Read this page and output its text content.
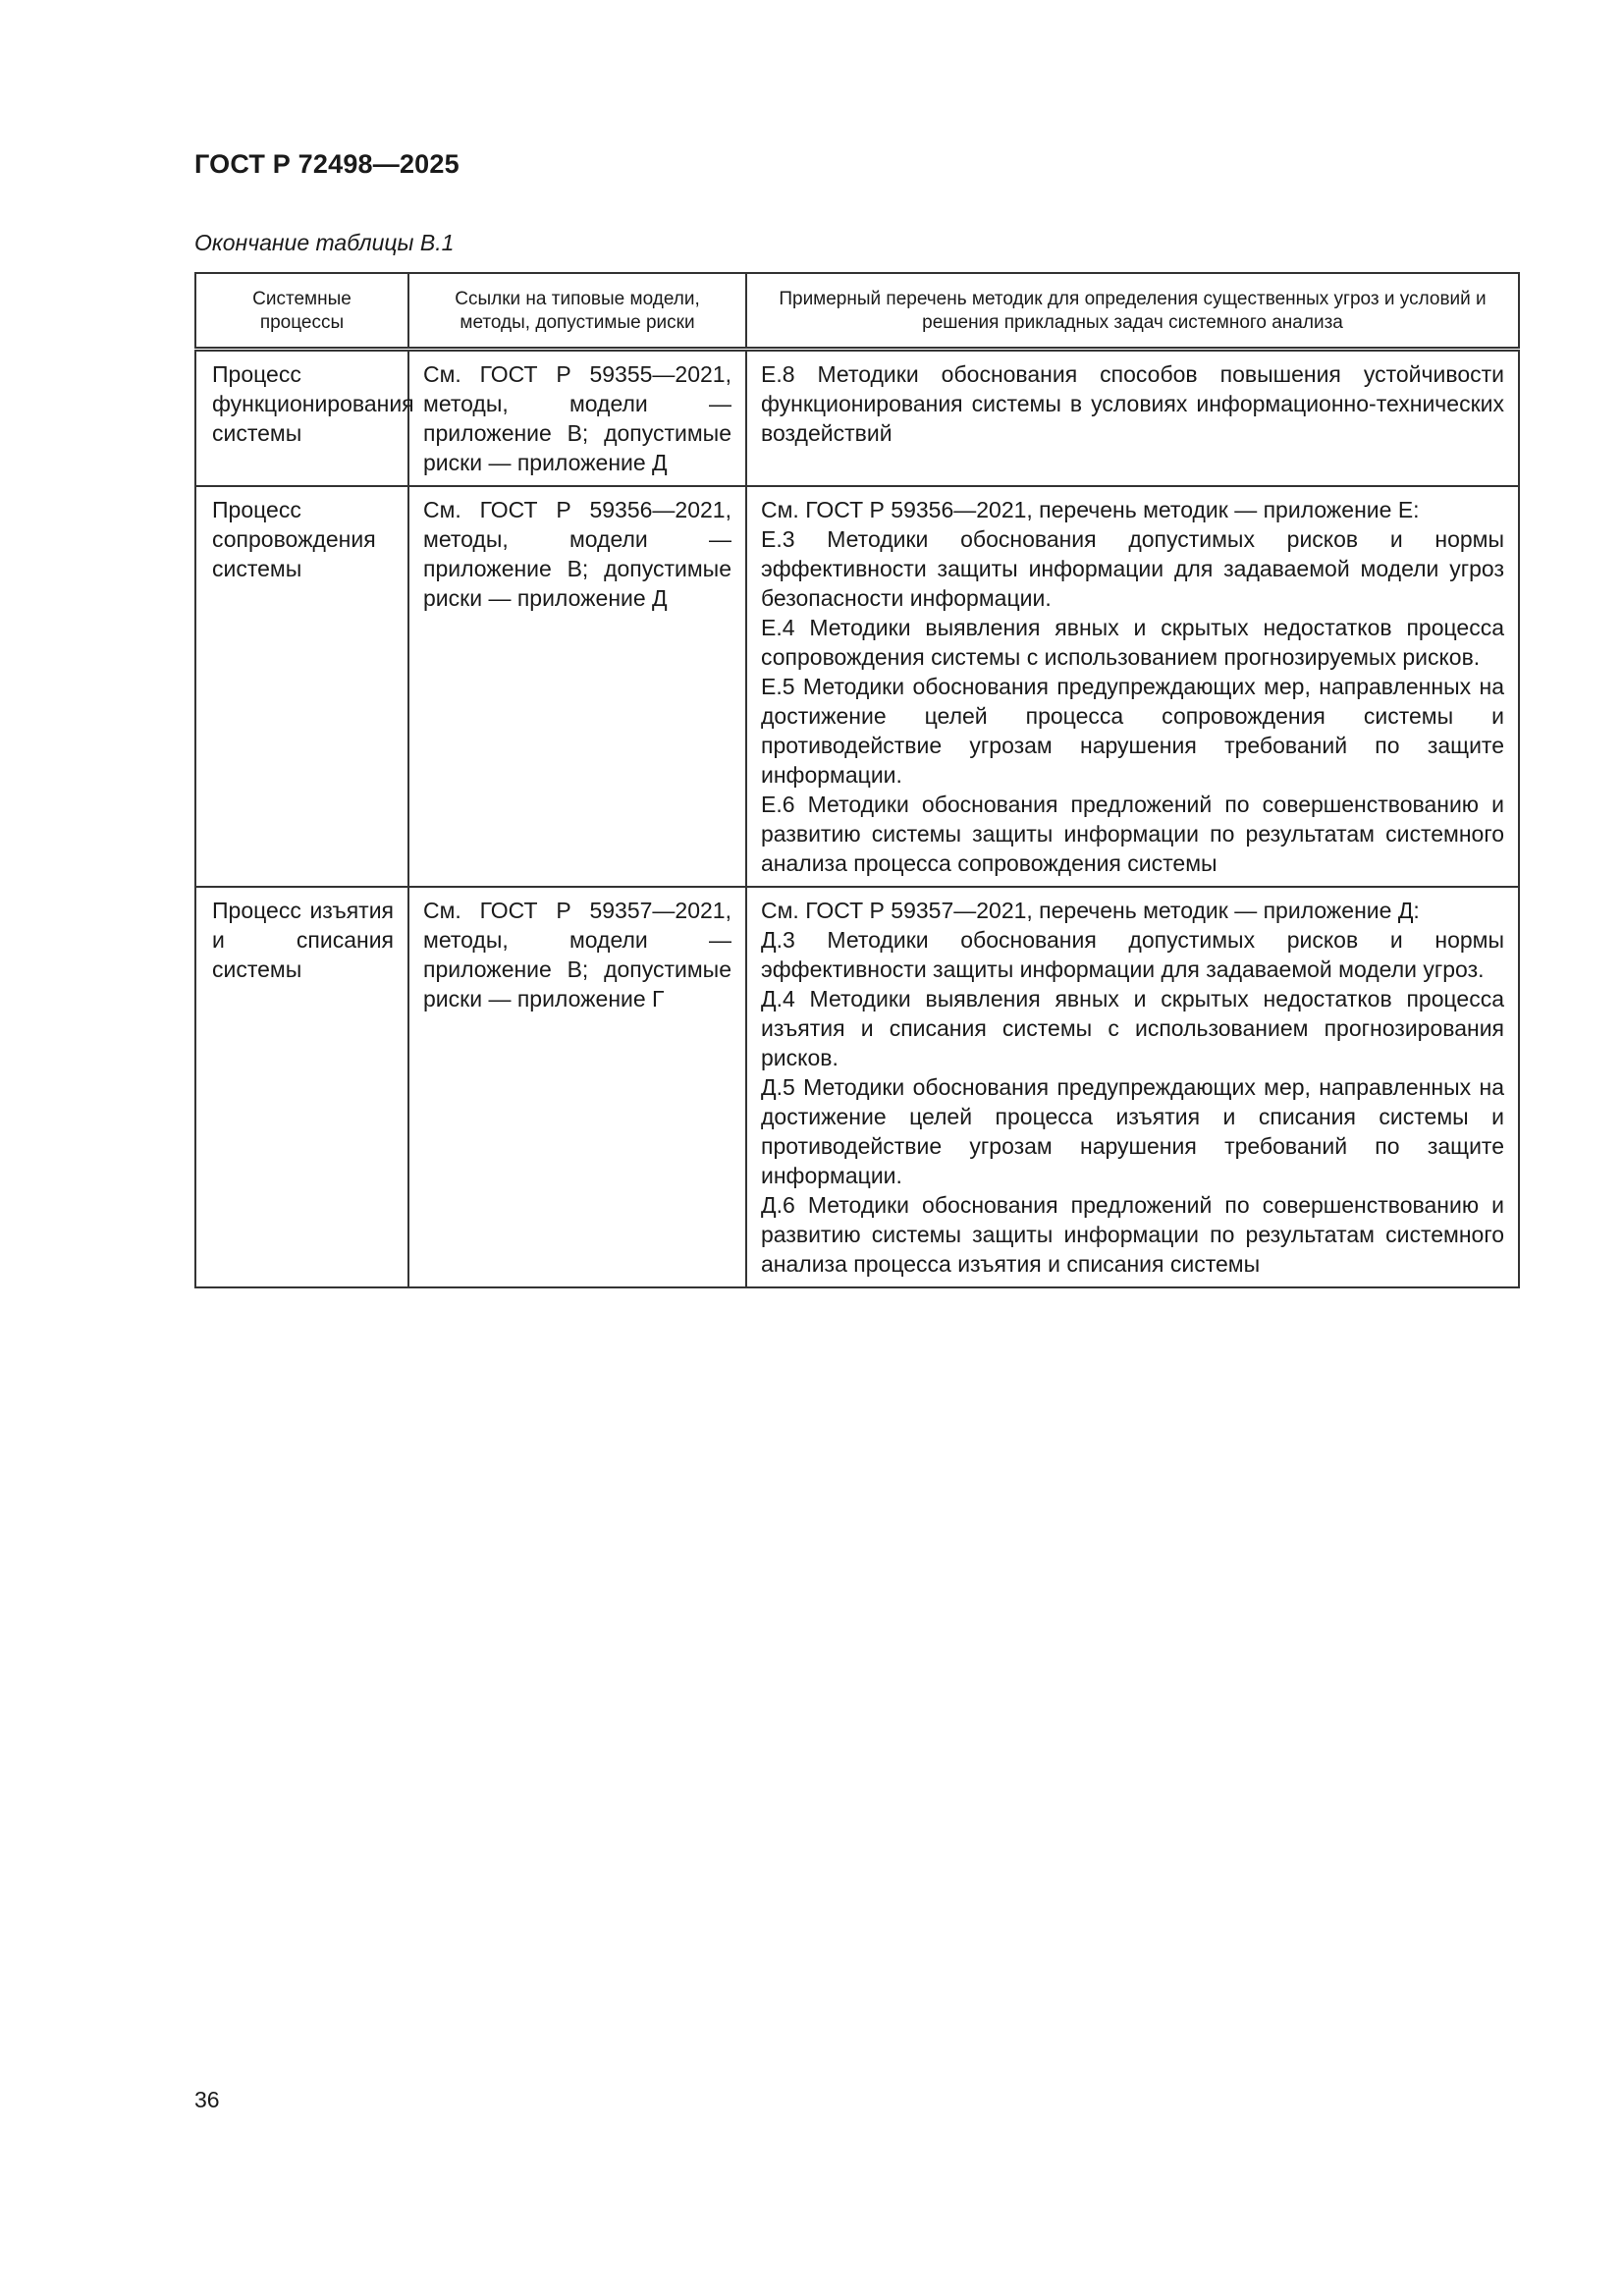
ГОСТ Р 72498—2025
Окончание таблицы В.1
Системные процессы	Ссылки на типовые модели, методы, допустимые риски	Примерный перечень методик для определения существенных угроз и условий и решения прикладных задач системного анализа
Процесс функционирования системы	См. ГОСТ Р 59355—2021, методы, модели — приложение В; допустимые риски — приложение Д	Е.8 Методики обоснования способов повышения устойчивости функционирования системы в условиях информационно-технических воздействий

Процесс сопровождения системы	См. ГОСТ Р 59356—2021, методы, модели — приложение В; допустимые риски — приложение Д	См. ГОСТ Р 59356—2021, перечень методик — приложение Е:

Е.3 Методики обоснования допустимых рисков и нормы эффективности защиты информации для задаваемой модели угроз безопасности информации.

Е.4 Методики выявления явных и скрытых недостатков процесса сопровождения системы с использованием прогнозируемых рисков.

Е.5 Методики обоснования предупреждающих мер, направленных на достижение целей процесса сопровождения системы и противодействие угрозам нарушения требований по защите информации.

Е.6 Методики обоснования предложений по совершенствованию и развитию системы защиты информации по результатам системного анализа процесса сопровождения системы

Процесс изъятия и списания системы	См. ГОСТ Р 59357—2021, методы, модели — приложение В; допустимые риски — приложение Г	См. ГОСТ Р 59357—2021, перечень методик — приложение Д:

Д.3 Методики обоснования допустимых рисков и нормы эффективности защиты информации для задаваемой модели угроз.

Д.4 Методики выявления явных и скрытых недостатков процесса изъятия и списания системы с использованием прогнозирования рисков.

Д.5 Методики обоснования предупреждающих мер, направленных на достижение целей процесса изъятия и списания системы и противодействие угрозам нарушения требований по защите информации.

Д.6 Методики обоснования предложений по совершенствованию и развитию системы защиты информации по результатам системного анализа процесса изъятия и списания системы

36
